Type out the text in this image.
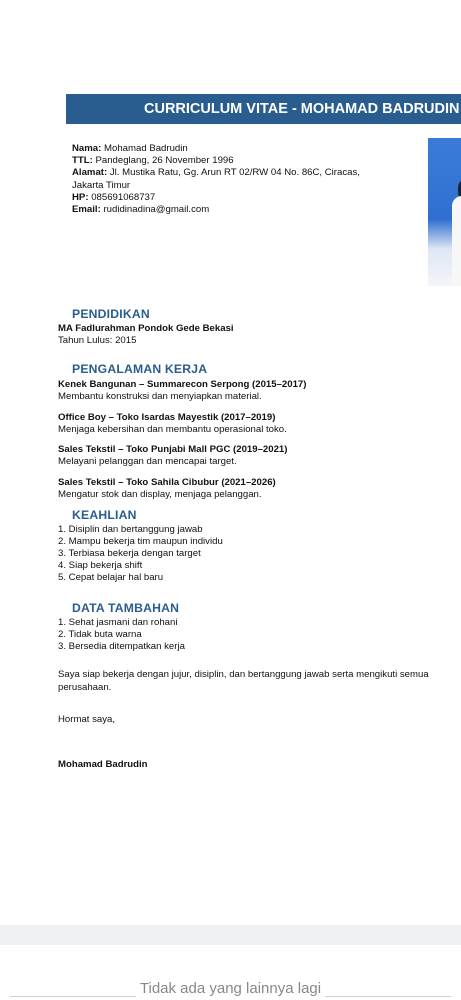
CURRICULUM VITAE - MOHAMAD BADRUDIN
Nama: Mohamad Badrudin
TTL: Pandeglang, 26 November 1996
Alamat: Jl. Mustika Ratu, Gg. Arun RT 02/RW 04 No. 86C, Ciracas,
Jakarta Timur
HP: 085691068737
Email: rudidinadina@gmail.com
PENDIDIKAN
MA Fadlurahman Pondok Gede Bekasi
Tahun Lulus: 2015
PENGALAMAN KERJA
Kenek Bangunan – Summarecon Serpong (2015–2017)
Membantu konstruksi dan menyiapkan material.
Office Boy – Toko Isardas Mayestik (2017–2019)
Menjaga kebersihan dan membantu operasional toko.
Sales Tekstil – Toko Punjabi Mall PGC (2019–2021)
Melayani pelanggan dan mencapai target.
Sales Tekstil – Toko Sahila Cibubur (2021–2026)
Mengatur stok dan display, menjaga pelanggan.
KEAHLIAN
1. Disiplin dan bertanggung jawab
2. Mampu bekerja tim maupun individu
3. Terbiasa bekerja dengan target
4. Siap bekerja shift
5. Cepat belajar hal baru
DATA TAMBAHAN
1. Sehat jasmani dan rohani
2. Tidak buta warna
3. Bersedia ditempatkan kerja
Saya siap bekerja dengan jujur, disiplin, dan bertanggung jawab serta mengikuti semua
perusahaan.
Hormat saya,
Mohamad Badrudin
Tidak ada yang lainnya lagi
